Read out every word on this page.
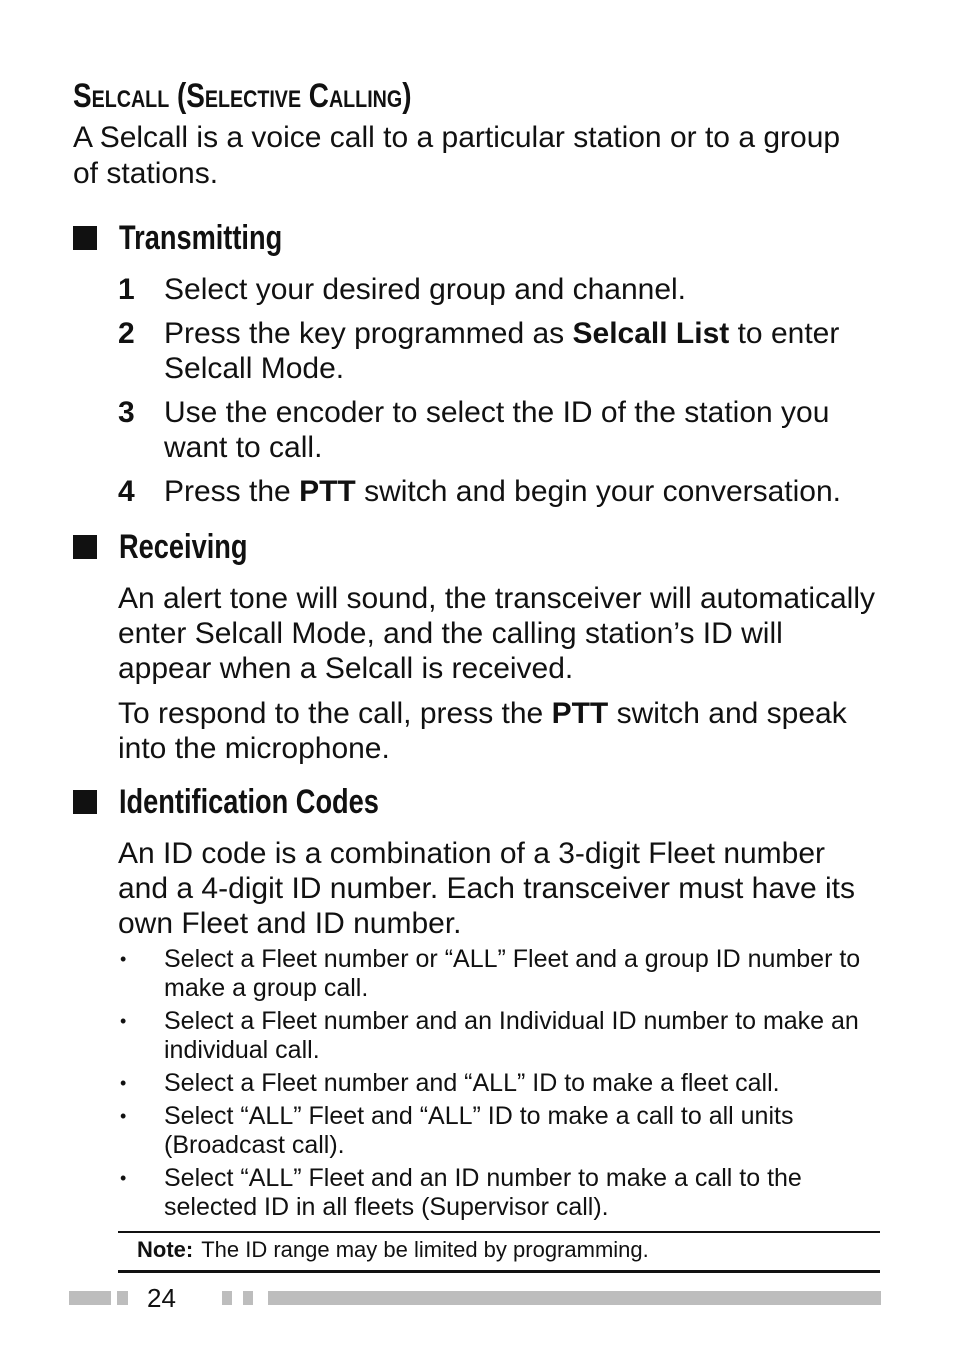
Selcall (Selective Calling)
A Selcall is a voice call to a particular station or to a group of stations.
Transmitting
1 Select your desired group and channel.
2 Press the key programmed as Selcall List to enter Selcall Mode.
3 Use the encoder to select the ID of the station you want to call.
4 Press the PTT switch and begin your conversation.
Receiving
An alert tone will sound, the transceiver will automatically enter Selcall Mode, and the calling station’s ID will appear when a Selcall is received.
To respond to the call, press the PTT switch and speak into the microphone.
Identification Codes
An ID code is a combination of a 3-digit Fleet number and a 4-digit ID number. Each transceiver must have its own Fleet and ID number.
•	Select a Fleet number or “ALL” Fleet and a group ID number to make a group call.
•	Select a Fleet number and an Individual ID number to make an individual call.
•	Select a Fleet number and “ALL” ID to make a fleet call.
•	Select “ALL” Fleet and “ALL” ID to make a call to all units (Broadcast call).
•	Select “ALL” Fleet and an ID number to make a call to the selected ID in all fleets (Supervisor call).
Note: The ID range may be limited by programming.
24
